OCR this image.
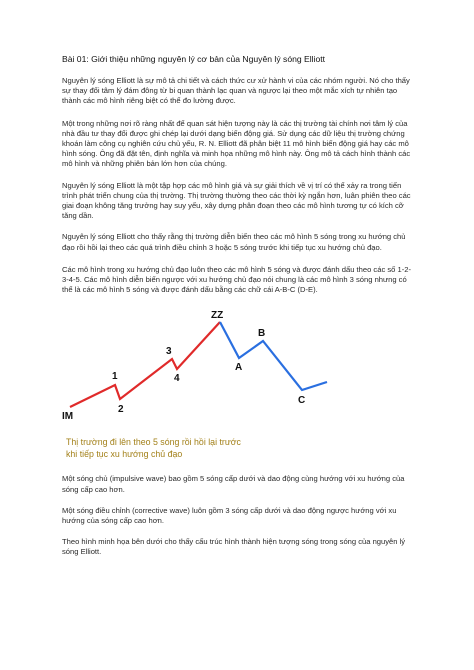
Bài 01: Giới thiệu những nguyên lý cơ bản của Nguyên lý sóng Elliott

Nguyên lý sóng Elliott là sự mô tả chi tiết và cách thức cư xử hành vi của các nhóm người. Nó cho thấy sự thay đổi tâm lý đám đông từ bi quan thành lạc quan và ngược lại theo một mắc xích tự nhiên tạo thành các mô hình riêng biệt có thể đo lường được.

Một trong những nơi rõ ràng nhất để quan sát hiện tượng này là các thị trường tài chính nơi tâm lý của nhà đầu tư thay đổi được ghi chép lại dưới dạng biến động giá. Sử dụng các dữ liệu thị trường chứng khoán làm công cụ nghiên cứu chủ yếu, R. N. Elliott đã phân biệt 11 mô hình biến động giá hay các mô hình sóng. Ông đã đặt tên, định nghĩa và minh họa những mô hình này. Ông mô tả cách hình thành các mô hình và những phiên bản lớn hơn của chúng.

Nguyên lý sóng Elliott là một tập hợp các mô hình giá và sự giải thích về vị trí có thể xảy ra trong tiến trình phát triển chung của thị trường. Thị trường thường theo các thời kỳ ngắn hơn, luân phiên theo các giai đoạn không tăng trưởng hay suy yếu, xây dựng phân đoạn theo các mô hình tương tự có kích cỡ tăng dần.

Nguyên lý sóng Elliott cho thấy rằng thị trường diễn biến theo các mô hình 5 sóng trong xu hướng chủ đạo rồi hồi lại theo các quá trình điều chỉnh 3 hoặc 5 sóng trước khi tiếp tục xu hướng chủ đạo.

Các mô hình trong xu hướng chủ đạo luôn theo các mô hình 5 sóng và được đánh dấu theo các số 1-2-3-4-5. Các mô hình diễn biến ngược với xu hướng chủ đạo nói chung là các mô hình 3 sóng nhưng có thể là các mô hình 5 sóng và được đánh dấu bằng các chữ cái A-B-C (D-E).

IM
1
2
3
4
ZZ
A
B
C
Thị trường đi lên theo 5 sóng rồi hồi lại trước
khi tiếp tục xu hướng chủ đạo

Một sóng chủ (impulsive wave) bao gồm 5 sóng cấp dưới và dao động cùng hướng với xu hướng của sóng cấp cao hơn.

Một sóng điều chỉnh (corrective wave) luôn gồm 3 sóng cấp dưới và dao động ngược hướng với xu hướng của sóng cấp cao hơn.

Theo hình minh họa bên dưới cho thấy cấu trúc hình thành hiện tượng sóng trong sóng của nguyên lý sóng Elliott.
